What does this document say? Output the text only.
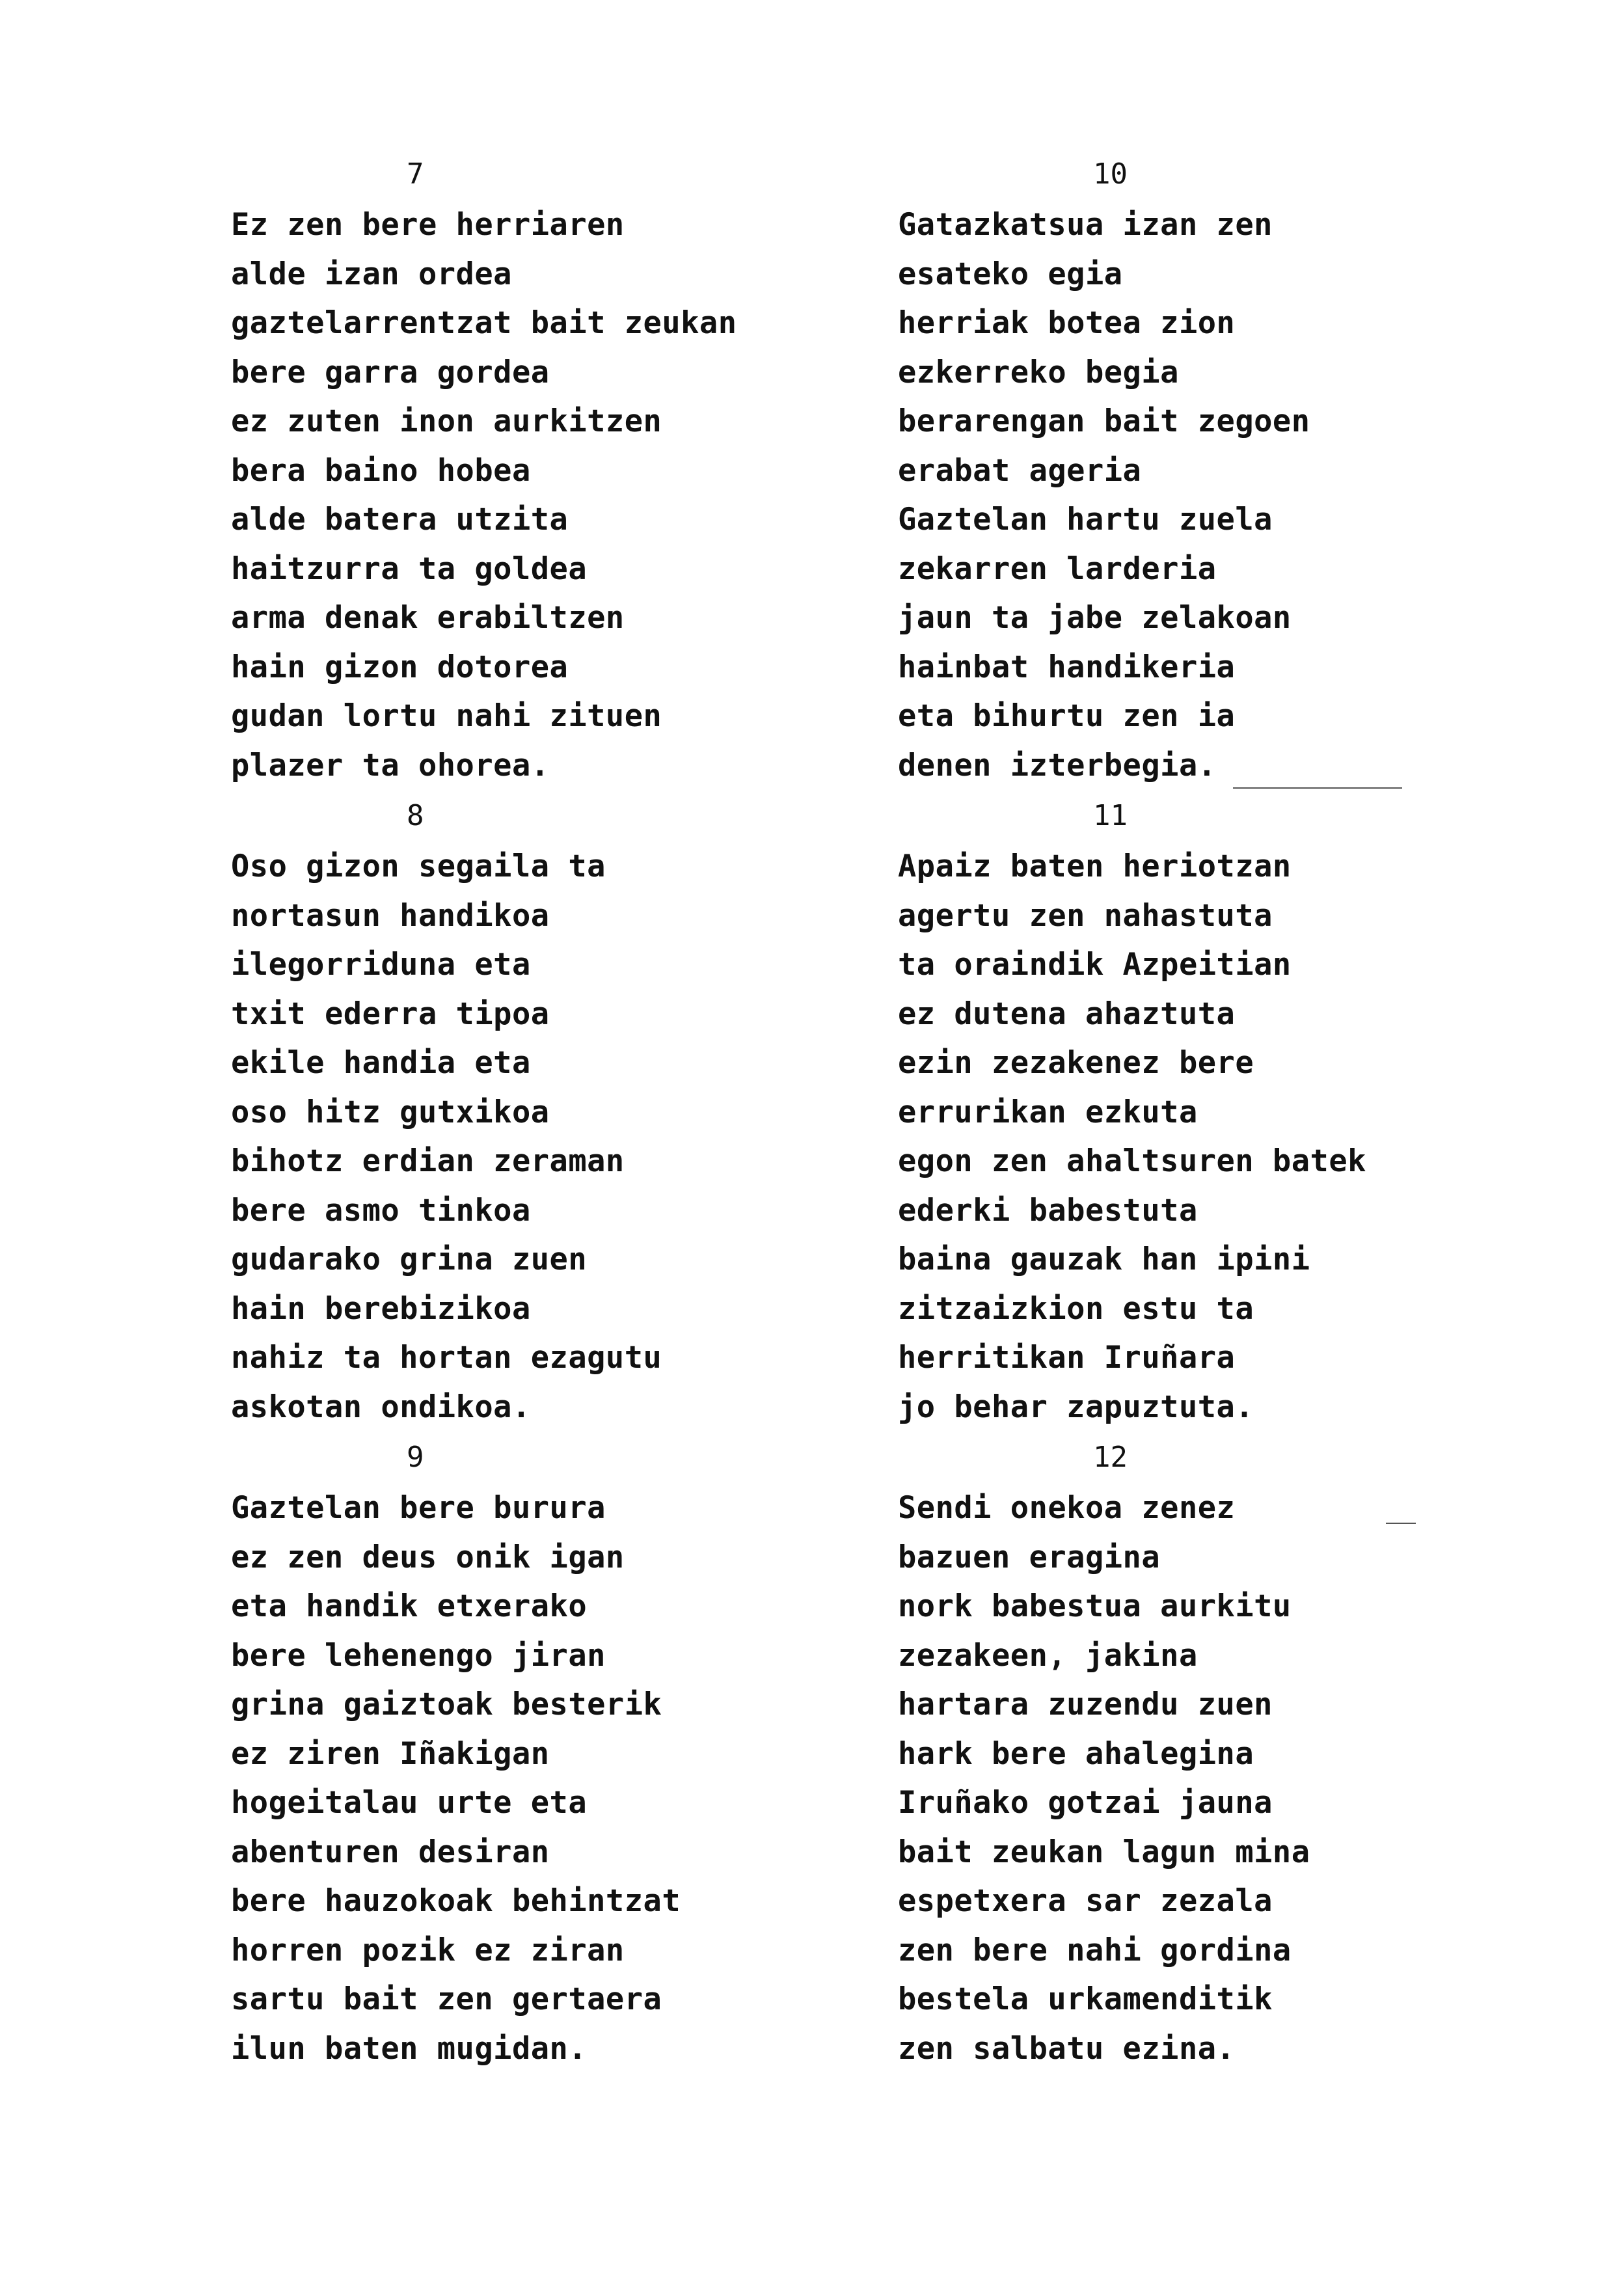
7
Ez zen bere herriaren
alde izan ordea
gaztelarrentzat bait zeukan
bere garra gordea
ez zuten inon aurkitzen
bera baino hobea
alde batera utzita
haitzurra ta goldea
arma denak erabiltzen
hain gizon dotorea
gudan lortu nahi zituen
plazer ta ohorea.
8
Oso gizon segaila ta
nortasun handikoa
ilegorriduna eta
txit ederra tipoa
ekile handia eta
oso hitz gutxikoa
bihotz erdian zeraman
bere asmo tinkoa
gudarako grina zuen
hain berebizikoa
nahiz ta hortan ezagutu
askotan ondikoa.
9
Gaztelan bere burura
ez zen deus onik igan
eta handik etxerako
bere lehenengo jiran
grina gaiztoak besterik
ez ziren Iñakigan
hogeitalau urte eta
abenturen desiran
bere hauzokoak behintzat
horren pozik ez ziran
sartu bait zen gertaera
ilun baten mugidan.
10
Gatazkatsua izan zen
esateko egia
herriak botea zion
ezkerreko begia
berarengan bait zegoen
erabat ageria
Gaztelan hartu zuela
zekarren larderia
jaun ta jabe zelakoan
hainbat handikeria
eta bihurtu zen ia
denen izterbegia.
11
Apaiz baten heriotzan
agertu zen nahastuta
ta oraindik Azpeitian
ez dutena ahaztuta
ezin zezakenez bere
errurikan ezkuta
egon zen ahaltsuren batek
ederki babestuta
baina gauzak han ipini
zitzaizkion estu ta
herritikan Iruñara
jo behar zapuztuta.
12
Sendi onekoa zenez
bazuen eragina
nork babestua aurkitu
zezakeen, jakina
hartara zuzendu zuen
hark bere ahalegina
Iruñako gotzai jauna
bait zeukan lagun mina
espetxera sar zezala
zen bere nahi gordina
bestela urkamenditik
zen salbatu ezina.
